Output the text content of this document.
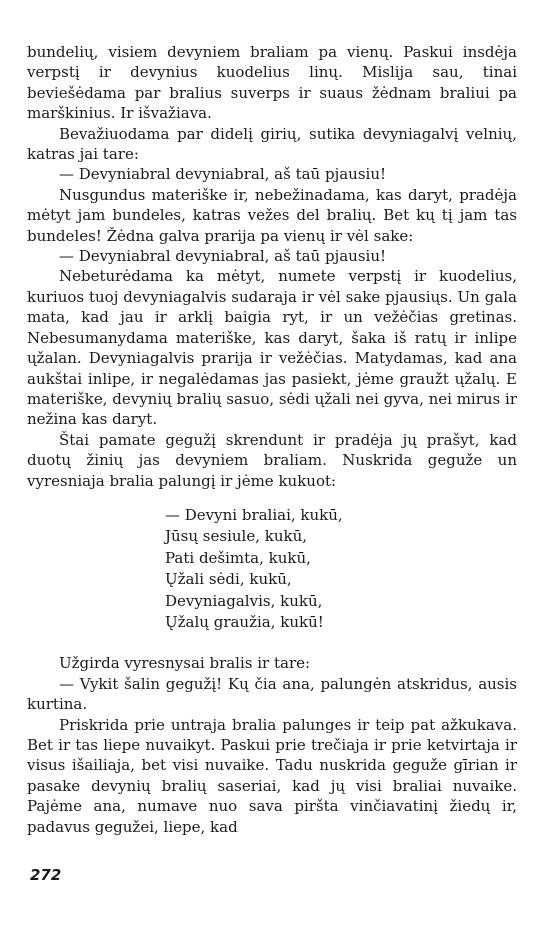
bundelių, visiem devyniem braliam pa vienų. Paskui insdėja verpstį ir devynius kuodelius linų. Mislija sau, tinai beviešėdama par bralius suverps ir suaus žėdnam braliui pa marškinius. Ir išvažiava.

Bevažiuodama par didelį girių, sutika devyniagalvį velnių, katras jai tare:

— Devyniabral devyniabral, aš taū pjausiu!

Nusgundus materiške ir, nebežinadama, kas daryt, pradėja mėtyt jam bundeles, katras vežes del bralių. Bet kų tį jam tas bundeles! Žėdna galva prarija pa vienų ir vėl sake:

— Devyniabral devyniabral, aš taū pjausiu!

Nebeturėdama ka mėtyt, numete verpstį ir kuodelius, kuriuos tuoj devyniagalvis sudaraja ir vėl sake pjausiųs. Un gala mata, kad jau ir arklį baigia ryt, ir un vežėčias gretinas. Nebesumanydama materiške, kas daryt, šaka iš ratų ir inlipe ųžalan. Devyniagalvis prarija ir vežėčias. Matydamas, kad ana aukštai inlipe, ir negalėdamas jas pasiekt, jėme graužt ųžalų. E materiške, devynių bralių sasuo, sėdi ųžali nei gyva, nei mirus ir nežina kas daryt.

Štai pamate gegužį skrendunt ir pradėja jų prašyt, kad duotų žinių jas devyniem braliam. Nuskrida geguže un vyresniaja bralia palungį ir jėme kukuot:

— Devyni braliai, kukū,
Jūsų sesiule, kukū,
Pati dešimta, kukū,
Ųžali sėdi, kukū,
Devyniagalvis, kukū,
Ųžalų graužia, kukū!

Užgirda vyresnysai bralis ir tare:

— Vykit šalin gegužį! Kų čia ana, palungėn atskridus, ausis kurtina.

Priskrida prie untraja bralia palunges ir teip pat ažkukava. Bet ir tas liepe nuvaikyt. Paskui prie trečiaja ir prie ketvirtaja ir visus išailiaja, bet visi nuvaike. Tadu nuskrida geguže gīrian ir pasake devynių bralių saseriai, kad jų visi braliai nuvaike. Pajėme ana, numave nuo sava piršta vinčiavatinį žiedų ir, padavus gegužei, liepe, kad

272
